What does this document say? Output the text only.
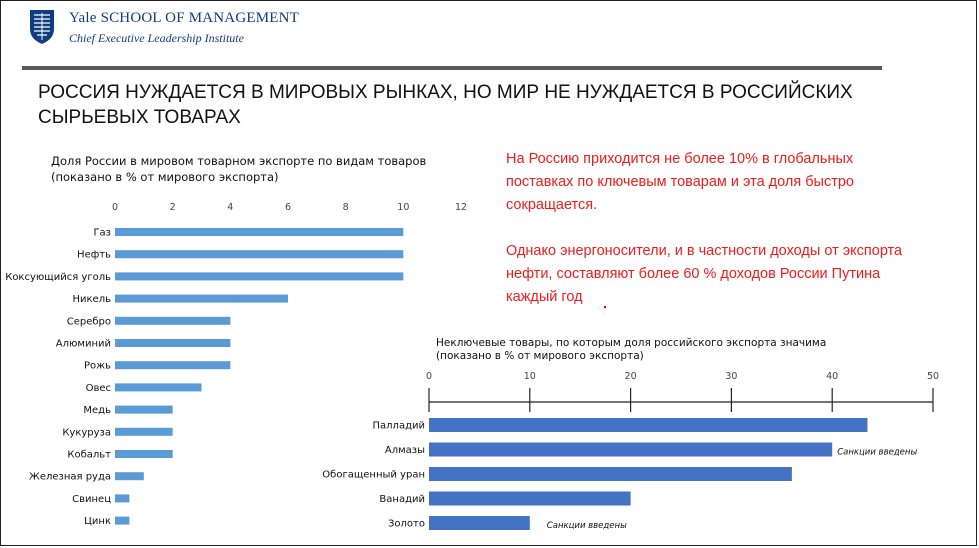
Yale SCHOOL OF MANAGEMENT
Chief Executive Leadership Institute
РОССИЯ НУЖДАЕТСЯ В МИРОВЫХ РЫНКАХ, НО МИР НЕ НУЖДАЕТСЯ В РОССИЙСКИХ СЫРЬЕВЫХ ТОВАРАХ
Доля России в мировом товарном экспорте по видам товаров
(показано в % от мирового экспорта)

На Россию приходится не более 10% в глобальных поставках по ключевым товарам и эта доля быстро сокращается.

Однако энергоносители, и в частности доходы от экспорта нефти, составляют более 60 % доходов России Путина каждый год

Неключевые товары, по которым доля российского экспорта значима
(показано в % от мирового экспорта)
0	2	4	6	8	10	12
Газ
Нефть
Коксующийся уголь
Никель
Серебро
Алюминий
Рожь
Овес
Медь
Кукуруза
Кобальт
Железная руда
Свинец
Цинк
0	10	20	30	40	50
Палладий
Алмазы
Обогащенный уран
Ванадий
Золото
Санкции введены
Санкции введены
